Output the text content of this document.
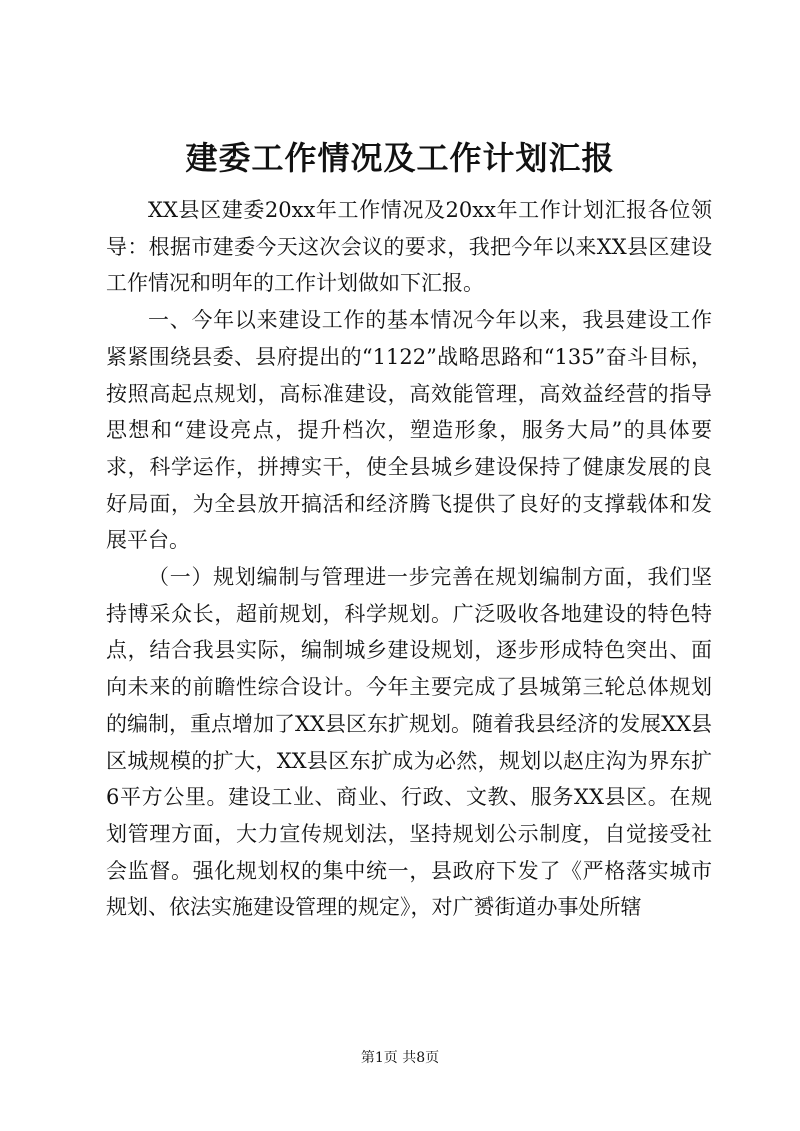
建委工作情况及工作计划汇报

XX县区建委20xx年工作情况及20xx年工作计划汇报各位领导：根据市建委今天这次会议的要求，我把今年以来XX县区建设工作情况和明年的工作计划做如下汇报。

一、今年以来建设工作的基本情况今年以来，我县建设工作紧紧围绕县委、县府提出的“1122”战略思路和“135”奋斗目标，按照高起点规划，高标准建设，高效能管理，高效益经营的指导思想和“建设亮点，提升档次，塑造形象，服务大局”的具体要求，科学运作，拼搏实干，使全县城乡建设保持了健康发展的良好局面，为全县放开搞活和经济腾飞提供了良好的支撑载体和发展平台。

（一）规划编制与管理进一步完善在规划编制方面，我们坚持博采众长，超前规划，科学规划。广泛吸收各地建设的特色特点，结合我县实际，编制城乡建设规划，逐步形成特色突出、面向未来的前瞻性综合设计。今年主要完成了县城第三轮总体规划的编制，重点增加了XX县区东扩规划。随着我县经济的发展XX县区城规模的扩大，XX县区东扩成为必然，规划以赵庄沟为界东扩6平方公里。建设工业、商业、行政、文教、服务XX县区。在规划管理方面，大力宣传规划法，坚持规划公示制度，自觉接受社会监督。强化规划权的集中统一，县政府下发了《严格落实城市规划、依法实施建设管理的规定》，对广赟街道办事处所辖

第1页 共8页
